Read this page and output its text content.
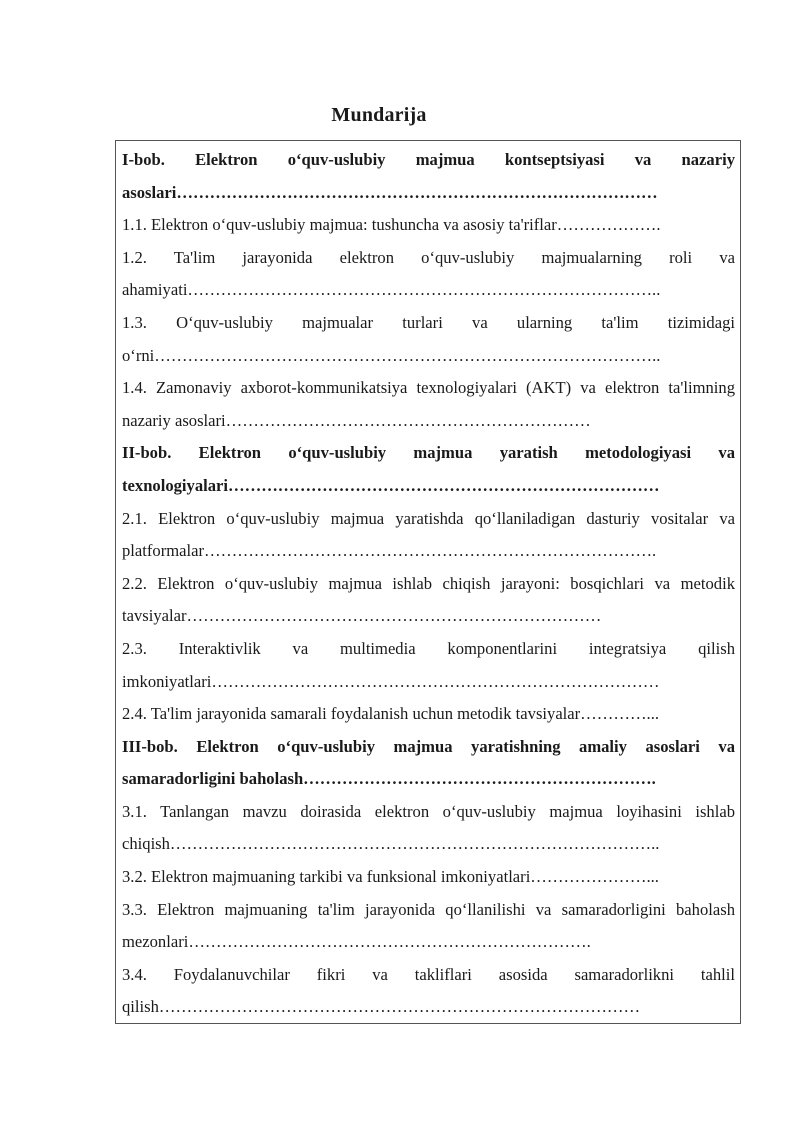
Mundarija
I-bob. Elektron o‘quv-uslubiy majmua kontseptsiyasi va nazariy asoslari……………………………………………………………………………
1.1. Elektron o‘quv-uslubiy majmua: tushuncha va asosiy ta'riflar……………….
1.2. Ta'lim jarayonida elektron o‘quv-uslubiy majmualarning roli va ahamiyati…………………………………………………………………………..
1.3. O‘quv-uslubiy majmualar turlari va ularning ta'lim tizimidagi o‘rni………………………………………………………………………………..
1.4. Zamonaviy axborot-kommunikatsiya texnologiyalari (AKT) va elektron ta'limning nazariy asoslari…………………………………………………………
II-bob. Elektron o‘quv-uslubiy majmua yaratish metodologiyasi va texnologiyalari……………………………………………………………………
2.1. Elektron o‘quv-uslubiy majmua yaratishda qo‘llaniladigan dasturiy vositalar va platformalar……………………………………………………………………….
2.2. Elektron o‘quv-uslubiy majmua ishlab chiqish jarayoni: bosqichlari va metodik tavsiyalar…………………………………………………………………
2.3. Interaktivlik va multimedia komponentlarini integratsiya qilish imkoniyatlari………………………………………………………………………
2.4. Ta'lim jarayonida samarali foydalanish uchun metodik tavsiyalar…………...
III-bob. Elektron o‘quv-uslubiy majmua yaratishning amaliy asoslari va samaradorligini baholash……………………………………………………….
3.1. Tanlangan mavzu doirasida elektron o‘quv-uslubiy majmua loyihasini ishlab chiqish……………………………………………………………………………..
3.2. Elektron majmuaning tarkibi va funksional imkoniyatlari…………………...
3.3. Elektron majmuaning ta'lim jarayonida qo‘llanilishi va samaradorligini baholash mezonlari……………………………………………………………….
3.4. Foydalanuvchilar fikri va takliflari asosida samaradorlikni tahlil qilish……………………………………………………………………………
